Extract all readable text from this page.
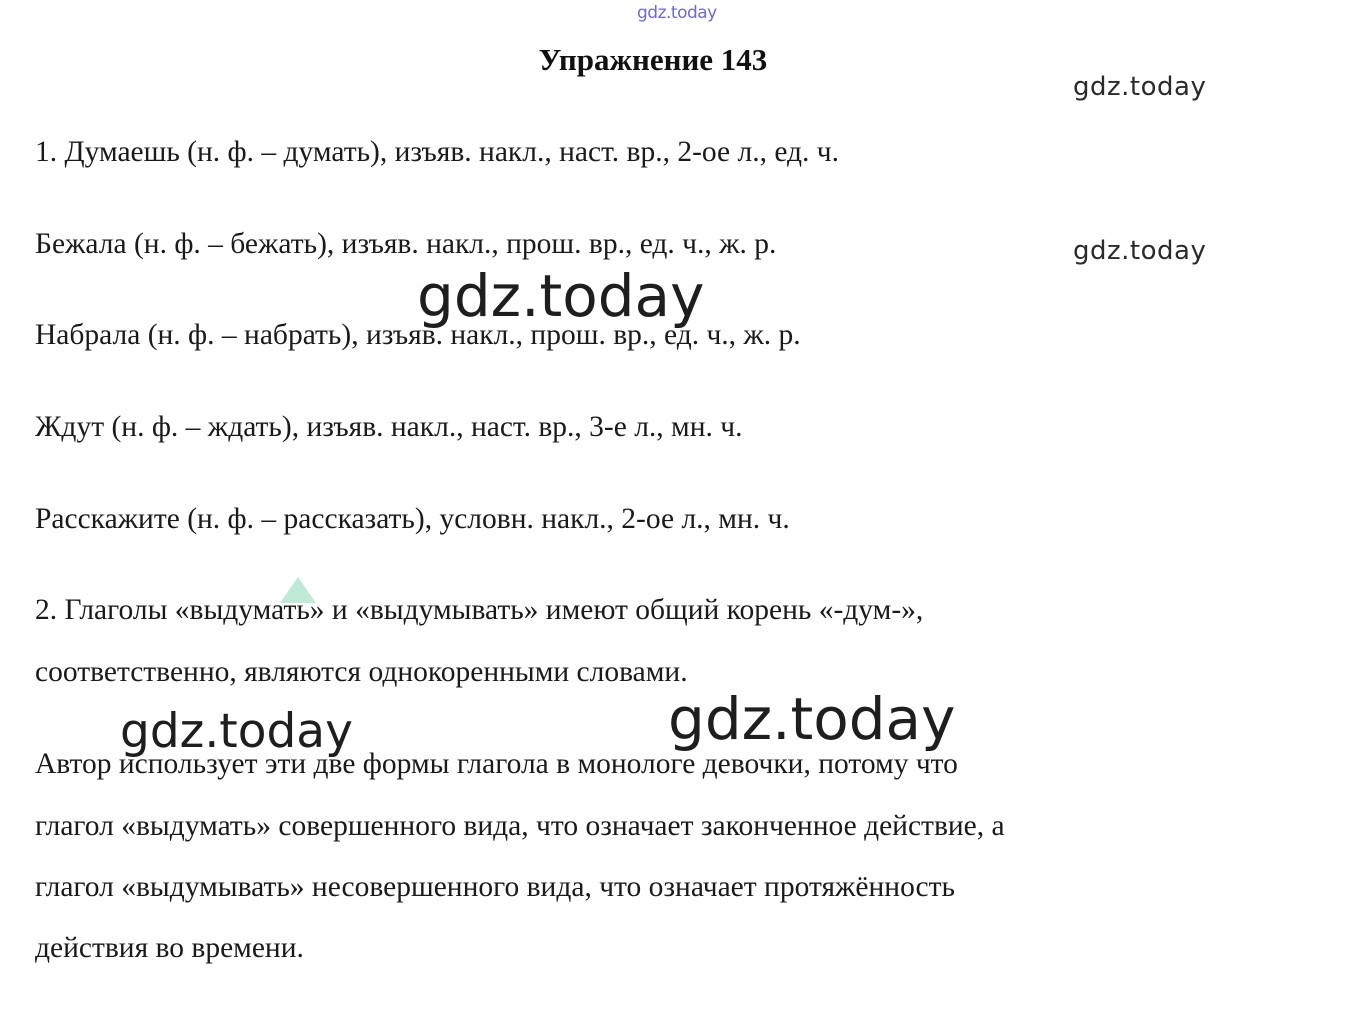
gdz.today
Упражнение 143
gdz.today
gdz.today
1. Думаешь (н. ф. – думать), изъяв. накл., наст. вр., 2-ое л., ед. ч.
Бежала (н. ф. – бежать), изъяв. накл., прош. вр., ед. ч., ж. р.
Набрала (н. ф. – набрать), изъяв. накл., прош. вр., ед. ч., ж. р.
Ждут (н. ф. – ждать), изъяв. накл., наст. вр., 3-е л., мн. ч.
Расскажите (н. ф. – рассказать), условн. накл., 2-ое л., мн. ч.
2. Глаголы «выдумать» и «выдумывать» имеют общий корень «-дум-»,
соответственно, являются однокоренными словами.
Автор использует эти две формы глагола в монологе девочки, потому что
глагол «выдумать» совершенного вида, что означает законченное действие, а
глагол «выдумывать» несовершенного вида, что означает протяжённость
действия во времени.
gdz.today
gdz.today	gdz.today
